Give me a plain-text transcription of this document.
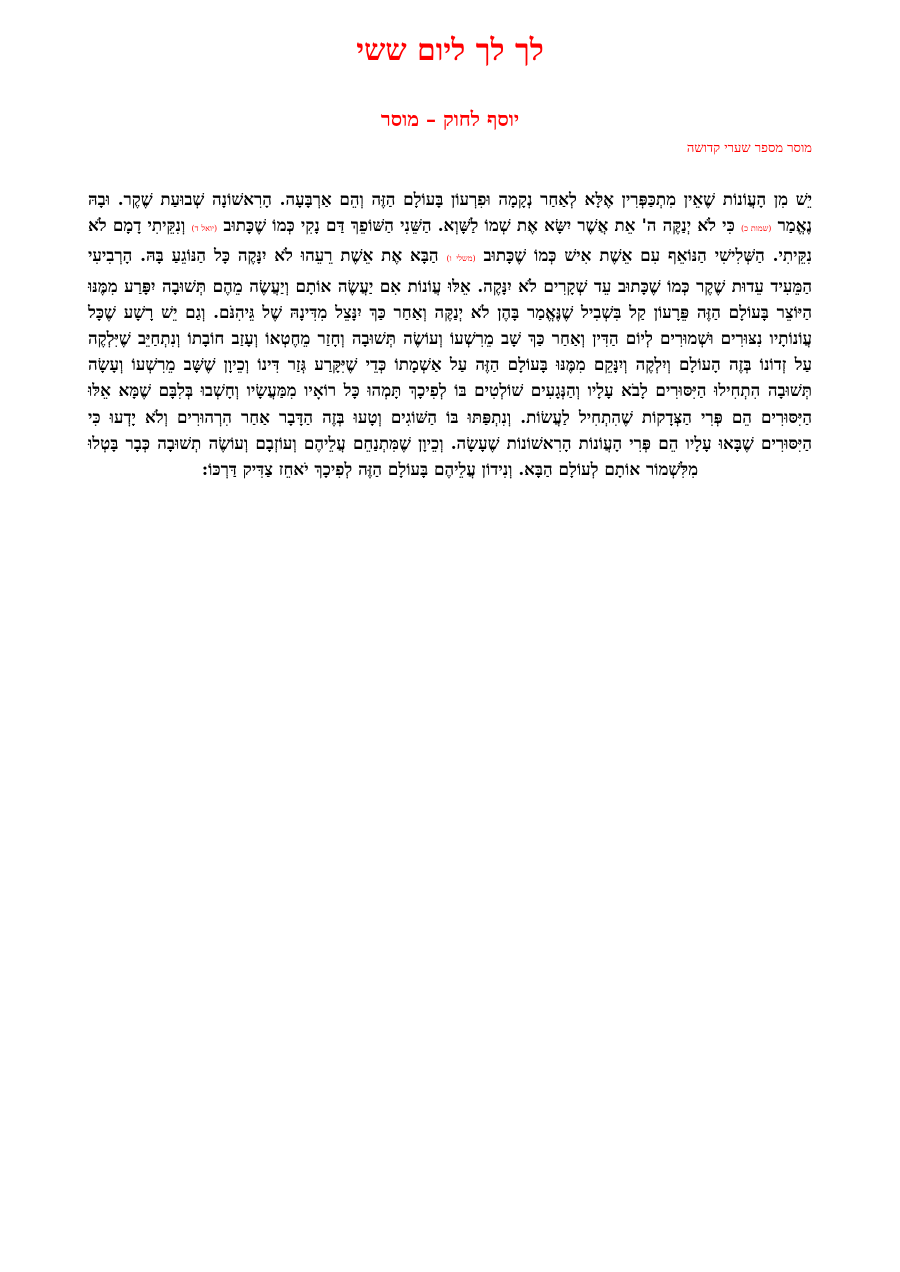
לך לך ליום ששי
יוסף לחוק – מוסר
מוסר מספר שערי קדושה

יֵשׁ מִן הָעֲוֹנוֹת שֶׁאֵין מִתְכַּפְּרִין אֶלָּא לְאַחַר נְקָמָה וּפִרְעוֹן בָּעוֹלָם הַזֶּה וְהֵם אַרְבָּעָה. הָרִאשׁוֹנָה שְׁבוּעַת שֶׁקֶר. וּבָהּ נֶאֱמַר (שמות כ) כִּי לֹא יְנַקֶּה ה' אֵת אֲשֶׁר יִשָּׂא אֶת שְׁמוֹ לַשָּׁוְא. הַשֵּׁנִי הַשּׁוֹפֵךְ דַּם נָקִי כְּמוֹ שֶׁכָּתוּב (יואל ד) וְנִקֵּיתִי דָמָם לֹא נִקֵּיתִי. הַשְּׁלִישִׁי הַנּוֹאֵף עִם אֵשֶׁת אִישׁ כְּמוֹ שֶׁכָּתוּב (משלי ו) הַבָּא אֶת אֵשֶׁת רֵעֵהוּ לֹא יִנָּקֶה כָּל הַנּוֹגֵעַ בָּהּ. הָרְבִיעִי הַמֵּעִיד עֵדוּת שֶׁקֶר כְּמוֹ שֶׁכָּתוּב עֵד שְׁקָרִים לֹא יִנָּקֶה. אֵלּוּ עֲוֹנוֹת אִם יַעֲשֶׂה אוֹתָם וְיַעֲשֶׂה מֵהֶם תְּשׁוּבָה יִפָּרַע מִמֶּנּוּ הַיּוֹצֵר בָּעוֹלָם הַזֶּה פֵּרָעוֹן קַל בִּשְׁבִיל שֶׁנֶּאֱמַר בָּהֶן לֹא יְנַקֶּה וְאַחַר כַּךְ יִנָּצֵל מִדִּינָהּ שֶׁל גֵּיהִנֹּם. וְגַם יֵשׁ רָשָׁע שֶׁכָּל עֲוֹנוֹתָיו נִצּוּרִים וּשְׁמוּרִים לְיוֹם הַדִּין וְאַחַר כַּךְ שָׁב מֵרִשְׁעוֹ וְעוֹשֶׂה תְּשׁוּבָה וְחָזַר מֵחֶטְאוֹ וְעָזַב חוֹבָתוֹ וְנִתְחַיֵּב שֶׁיִּלְקֶה עַל זְדוֹנוֹ בְּזֶה הָעוֹלָם וְיִלְקֶה וְיִנָּקֵם מִמֶּנּוּ בָּעוֹלָם הַזֶּה עַל אַשְׁמָתוֹ כְּדֵי שֶׁיִּקָּרַע גְּזַר דִּינוֹ וְכֵיוָן שֶׁשָּׁב מֵרִשְׁעוֹ וְעָשָׂה תְּשׁוּבָה הִתְחִילוּ הַיִּסּוּרִים לָבֹא עָלָיו וְהַנְּגָעִים שׁוֹלְטִים בּוֹ לְפִיכָךְ תָּמְהוּ כָּל רוֹאָיו מִמַּעֲשָׂיו וְחָשְׁבוּ בְּלִבָּם שֶׁמָּא אֵלּוּ הַיִּסּוּרִים הֵם פְּרִי הַצְּדָקוֹת שֶׁהִתְחִיל לַעֲשׂוֹת. וְנִתְפַּתּוּ בּוֹ הַשּׁוֹגִים וְטָעוּ בְּזֶה הַדָּבָר אַחַר הִרְהוּרִים וְלֹא יָדְעוּ כִּי הַיִּסּוּרִים שֶׁבָּאוּ עָלָיו הֵם פְּרִי הָעֲוֹנוֹת הָרִאשׁוֹנוֹת שֶׁעָשָׂה. וְכֵיוָן שֶׁמִּתְנַחֵם עֲלֵיהֶם וְעוֹזְבָם וְעוֹשֶׂה תְשׁוּבָה כְּבָר בָּטְלוּ מִלִּשְׁמוֹר אוֹתָם לְעוֹלָם הַבָּא. וְנִידוֹן עֲלֵיהֶם בָּעוֹלָם הַזֶּה לְפִיכָךְ יֹאחֵז צַדִּיק דַּרְכּוֹ:
